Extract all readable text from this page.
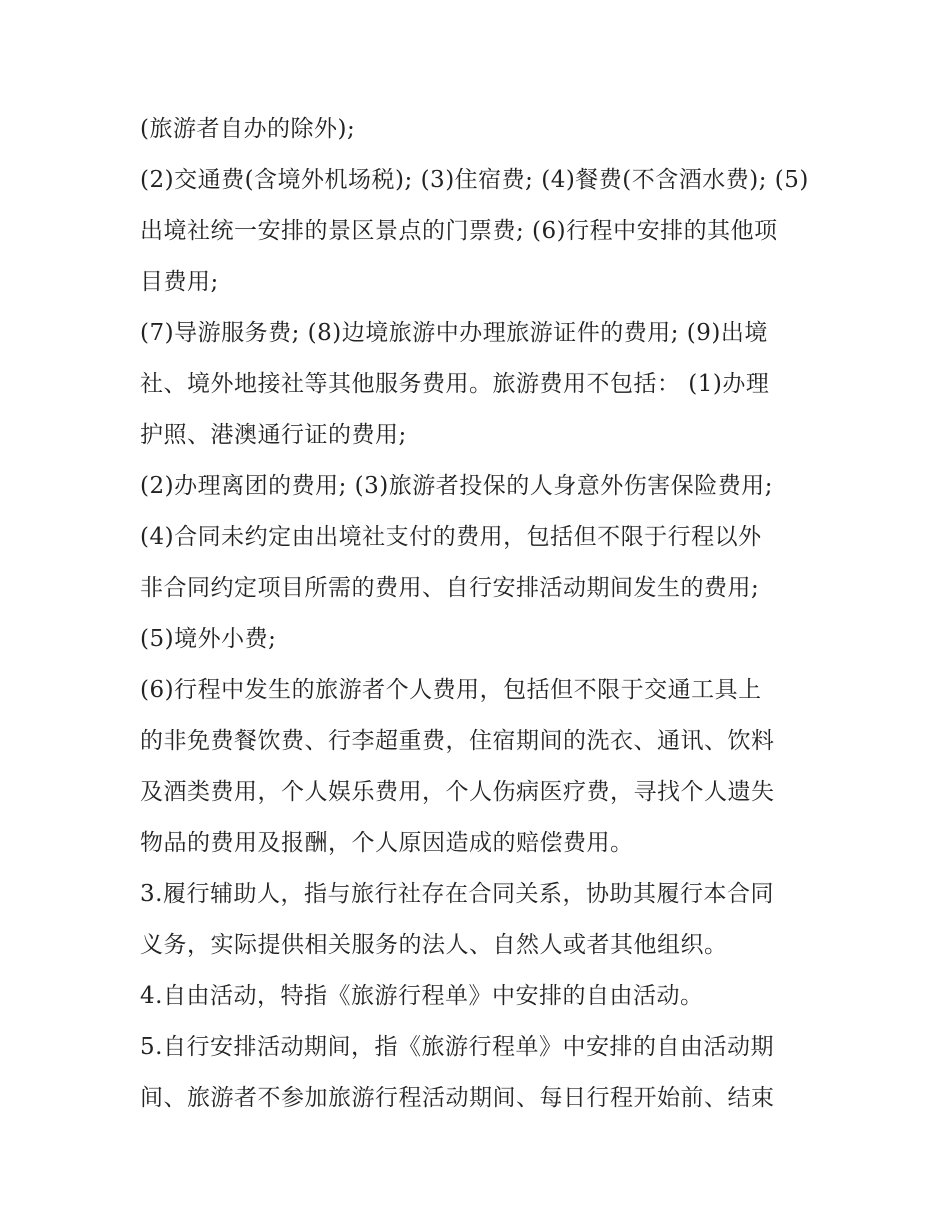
(旅游者自办的除外);

(2)交通费(含境外机场税); (3)住宿费; (4)餐费(不含酒水费); (5)
出境社统一安排的景区景点的门票费; (6)行程中安排的其他项
目费用;

(7)导游服务费; (8)边境旅游中办理旅游证件的费用; (9)出境
社、境外地接社等其他服务费用。旅游费用不包括： (1)办理
护照、港澳通行证的费用;

(2)办理离团的费用; (3)旅游者投保的人身意外伤害保险费用;

(4)合同未约定由出境社支付的费用，包括但不限于行程以外
非合同约定项目所需的费用、自行安排活动期间发生的费用;

(5)境外小费;

(6)行程中发生的旅游者个人费用，包括但不限于交通工具上
的非免费餐饮费、行李超重费，住宿期间的洗衣、通讯、饮料
及酒类费用，个人娱乐费用，个人伤病医疗费，寻找个人遗失
物品的费用及报酬，个人原因造成的赔偿费用。

3.履行辅助人，指与旅行社存在合同关系，协助其履行本合同
义务，实际提供相关服务的法人、自然人或者其他组织。

4.自由活动，特指《旅游行程单》中安排的自由活动。

5.自行安排活动期间，指《旅游行程单》中安排的自由活动期
间、旅游者不参加旅游行程活动期间、每日行程开始前、结束
